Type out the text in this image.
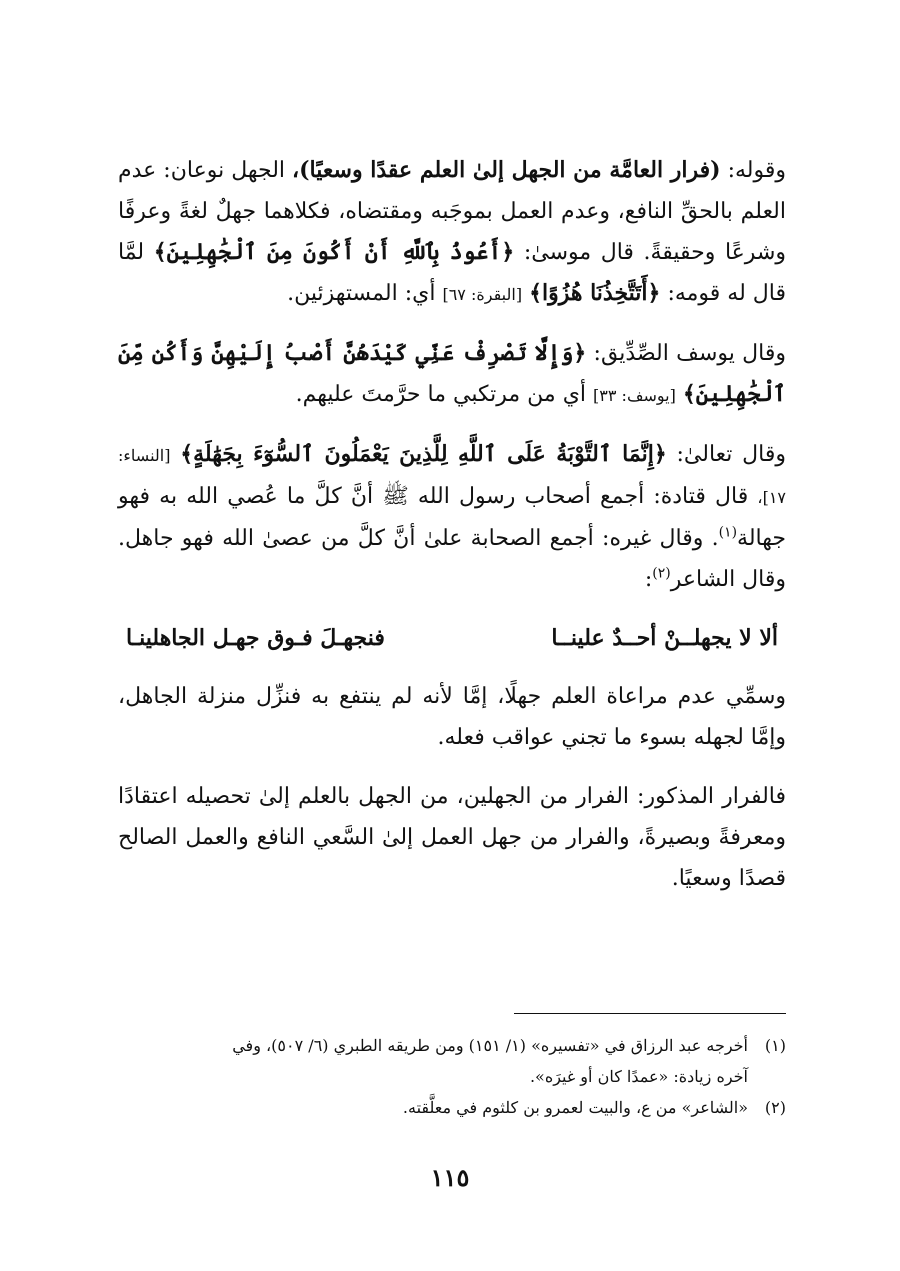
وقوله: (فرار العامَّة من الجهل إلىٰ العلم عقدًا وسعيًا)، الجهل نوعان: عدم العلم بالحقِّ النافع، وعدم العمل بموجَبه ومقتضاه، فكلاهما جهلٌ لغةً وعرفًا وشرعًا وحقيقةً. قال موسىٰ: ﴿أَعُوذُ بِٱللَّهِ أَنْ أَكُونَ مِنَ ٱلْجَٰهِلِينَ﴾ لمَّا قال له قومه: ﴿أَتَتَّخِذُنَا هُزُوًا﴾ [البقرة: ٦٧] أي: المستهزئين.

وقال يوسف الصِّدِّيق: ﴿وَإِلَّا تَصْرِفْ عَنِّي كَيْدَهُنَّ أَصْبُ إِلَيْهِنَّ وَأَكُن مِّنَ ٱلْجَٰهِلِينَ﴾ [يوسف: ٣٣] أي من مرتكبي ما حرَّمتَ عليهم.

وقال تعالىٰ: ﴿إِنَّمَا ٱلتَّوْبَةُ عَلَى ٱللَّهِ لِلَّذِينَ يَعْمَلُونَ ٱلسُّوٓءَ بِجَهَٰلَةٍ﴾ [النساء: ١٧]، قال قتادة: أجمع أصحاب رسول الله ﷺ أنَّ كلَّ ما عُصي الله به فهو جهالة$^{(١)}$. وقال غيره: أجمع الصحابة علىٰ أنَّ كلَّ من عصىٰ الله فهو جاهل. وقال الشاعر$^{(٢)}$:

ألا لا يجهلــنْ أحــدٌ علينــا
فنجهـلَ فـوق جهـل الجاهلينـا

وسمِّي عدم مراعاة العلم جهلًا، إمَّا لأنه لم ينتفع به فنزِّل منزلة الجاهل، وإمَّا لجهله بسوء ما تجني عواقب فعله.

فالفرار المذكور: الفرار من الجهلين، من الجهل بالعلم إلىٰ تحصيله اعتقادًا ومعرفةً وبصيرةً، والفرار من جهل العمل إلىٰ السَّعي النافع والعمل الصالح قصدًا وسعيًا.

(١)أخرجه عبد الرزاق في «تفسيره» (١/ ١٥١) ومن طريقه الطبري (٦/ ٥٠٧)، وفي

آخره زيادة: «عمدًا كان أو غيرَه».

(٢)«الشاعر» من ع، والبيت لعمرو بن كلثوم في معلَّقته.

١١٥
